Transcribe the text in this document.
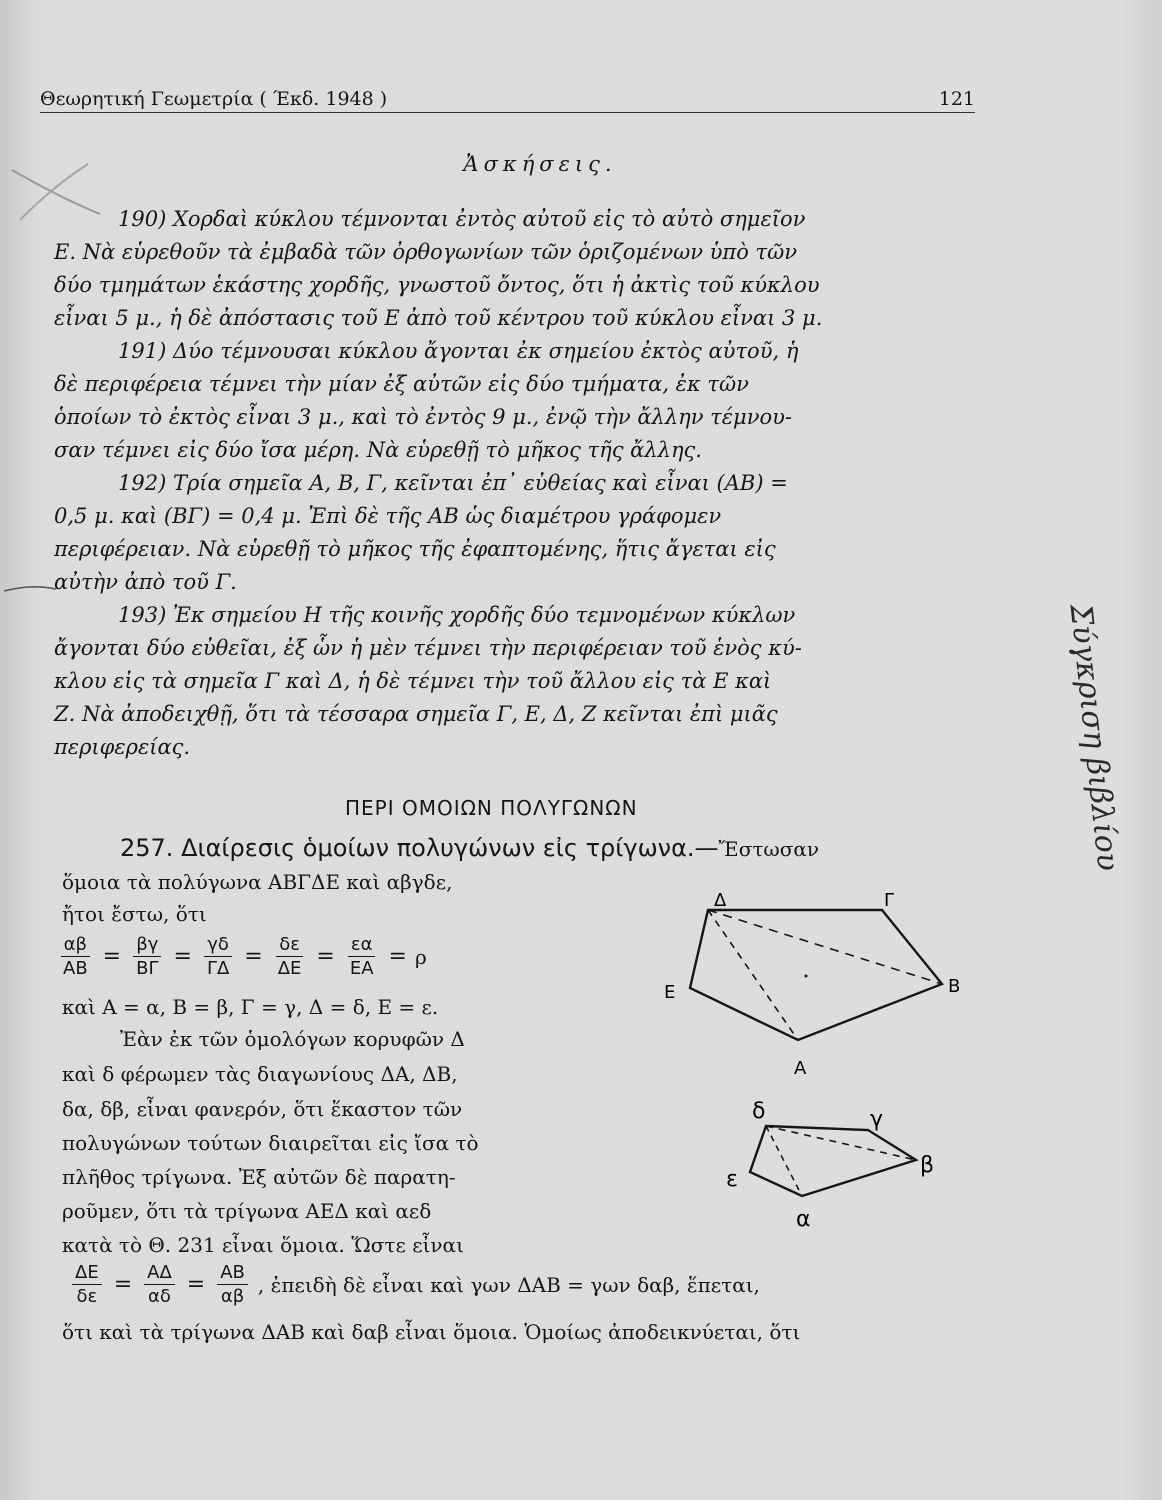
Θεωρητική Γεωμετρία ( Έκδ. 1948 )	121
Ἀσκήσεις.
190) Χορδαὶ κύκλου τέμνονται ἐντὸς αὐτοῦ εἰς τὸ αὐτὸ σημεῖον
Ε. Νὰ εὑρεθοῦν τὰ ἐμβαδὰ τῶν ὀρθογωνίων τῶν ὁριζομένων ὑπὸ τῶν
δύο τμημάτων ἑκάστης χορδῆς, γνωστοῦ ὄντος, ὅτι ἡ ἀκτὶς τοῦ κύκλου
εἶναι 5 μ., ἡ δὲ ἀπόστασις τοῦ Ε ἀπὸ τοῦ κέντρου τοῦ κύκλου εἶναι 3 μ.
191) Δύο τέμνουσαι κύκλου ἄγονται ἐκ σημείου ἐκτὸς αὐτοῦ, ἡ
δὲ περιφέρεια τέμνει τὴν μίαν ἐξ αὐτῶν εἰς δύο τμήματα, ἐκ τῶν
ὁποίων τὸ ἐκτὸς εἶναι 3 μ., καὶ τὸ ἐντὸς 9 μ., ἐνῷ τὴν ἄλλην τέμνου-
σαν τέμνει εἰς δύο ἴσα μέρη. Νὰ εὑρεθῇ τὸ μῆκος τῆς ἄλλης.
192) Τρία σημεῖα Α, Β, Γ, κεῖνται ἐπ᾽ εὐθείας καὶ εἶναι (ΑΒ) =
0,5 μ. καὶ (ΒΓ) = 0,4 μ. Ἐπὶ δὲ τῆς ΑΒ ὡς διαμέτρου γράφομεν
περιφέρειαν. Νὰ εὑρεθῇ τὸ μῆκος τῆς ἐφαπτομένης, ἥτις ἄγεται εἰς
αὐτὴν ἀπὸ τοῦ Γ.
193) Ἐκ σημείου Η τῆς κοινῆς χορδῆς δύο τεμνομένων κύκλων
ἄγονται δύο εὐθεῖαι, ἐξ ὧν ἡ μὲν τέμνει τὴν περιφέρειαν τοῦ ἑνὸς κύ-
κλου εἰς τὰ σημεῖα Γ καὶ Δ, ἡ δὲ τέμνει τὴν τοῦ ἄλλου εἰς τὰ Ε καὶ
Ζ. Νὰ ἀποδειχθῇ, ὅτι τὰ τέσσαρα σημεῖα Γ, Ε, Δ, Ζ κεῖνται ἐπὶ μιᾶς
περιφερείας.
ΠΕΡΙ ΟΜΟΙΩΝ ΠΟΛΥΓΩΝΩΝ
257. Διαίρεσις ὁμοίων πολυγώνων εἰς τρίγωνα.—Ἔστωσαν
ὅμοια τὰ πολύγωνα ΑΒΓΔΕ καὶ αβγδε,
ἤτοι ἔστω, ὅτι
$\frac{\alpha\beta}{AB} = \frac{\beta\gamma}{B\Gamma} = \frac{\gamma\delta}{\Gamma\Delta} = \frac{\delta\varepsilon}{\Delta E} = \frac{\varepsilon\alpha}{EA} = \rho$
καὶ Α = α, Β = β, Γ = γ, Δ = δ, Ε = ε.
Ἐὰν ἐκ τῶν ὁμολόγων κορυφῶν Δ
καὶ δ φέρωμεν τὰς διαγωνίους ΔΑ, ΔΒ,
δα, δβ, εἶναι φανερόν, ὅτι ἕκαστον τῶν
πολυγώνων τούτων διαιρεῖται εἰς ἴσα τὸ
πλῆθος τρίγωνα. Ἐξ αὐτῶν δὲ παρατη-
ροῦμεν, ὅτι τὰ τρίγωνα ΑΕΔ καὶ αεδ
κατὰ τὸ Θ. 231 εἶναι ὅμοια. Ὥστε εἶναι
$\frac{\Delta E}{\delta\varepsilon} = \frac{A\Delta}{\alpha\delta} = \frac{AB}{\alpha\beta}$ , ἐπειδὴ δὲ εἶναι καὶ γων ΔΑΒ = γων δαβ, ἕπεται,
ὅτι καὶ τὰ τρίγωνα ΔΑΒ καὶ δαβ εἶναι ὅμοια. Ὁμοίως ἀποδεικνύεται, ὅτι
Δ	Γ
Ε	Β
Α
δ	γ
ε
β
α
Σύγκριση βιβλίου
